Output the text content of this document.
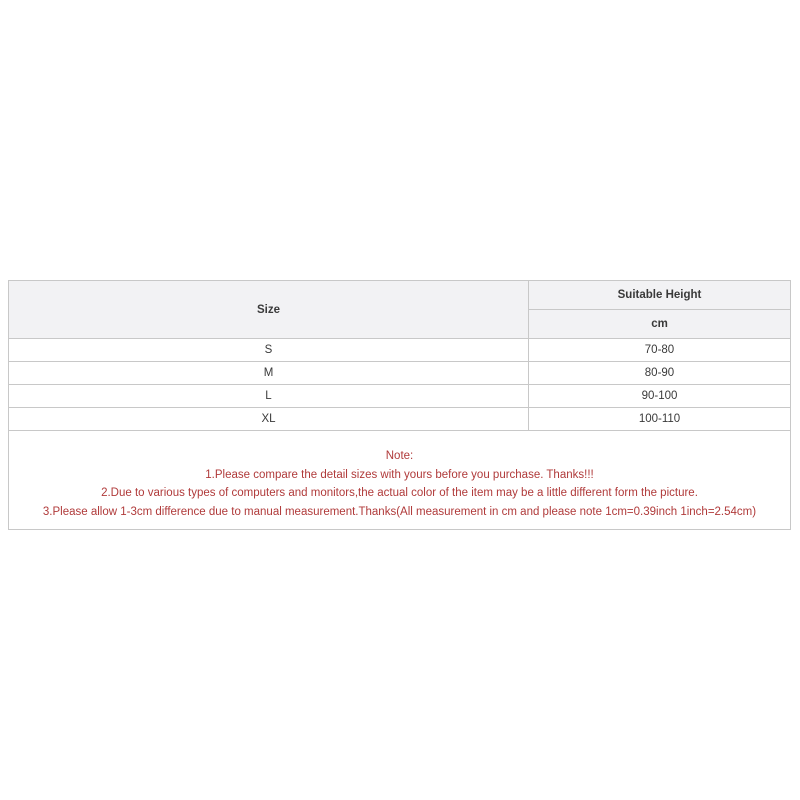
Size	Suitable Height
	cm
S	70-80
M	80-90
L	90-100
XL	100-110

Note:
1.Please compare the detail sizes with yours before you purchase. Thanks!!!
2.Due to various types of computers and monitors,the actual color of the item may be a little different form the picture.
3.Please allow 1-3cm difference due to manual measurement.Thanks(All measurement in cm and please note 1cm=0.39inch 1inch=2.54cm)	
